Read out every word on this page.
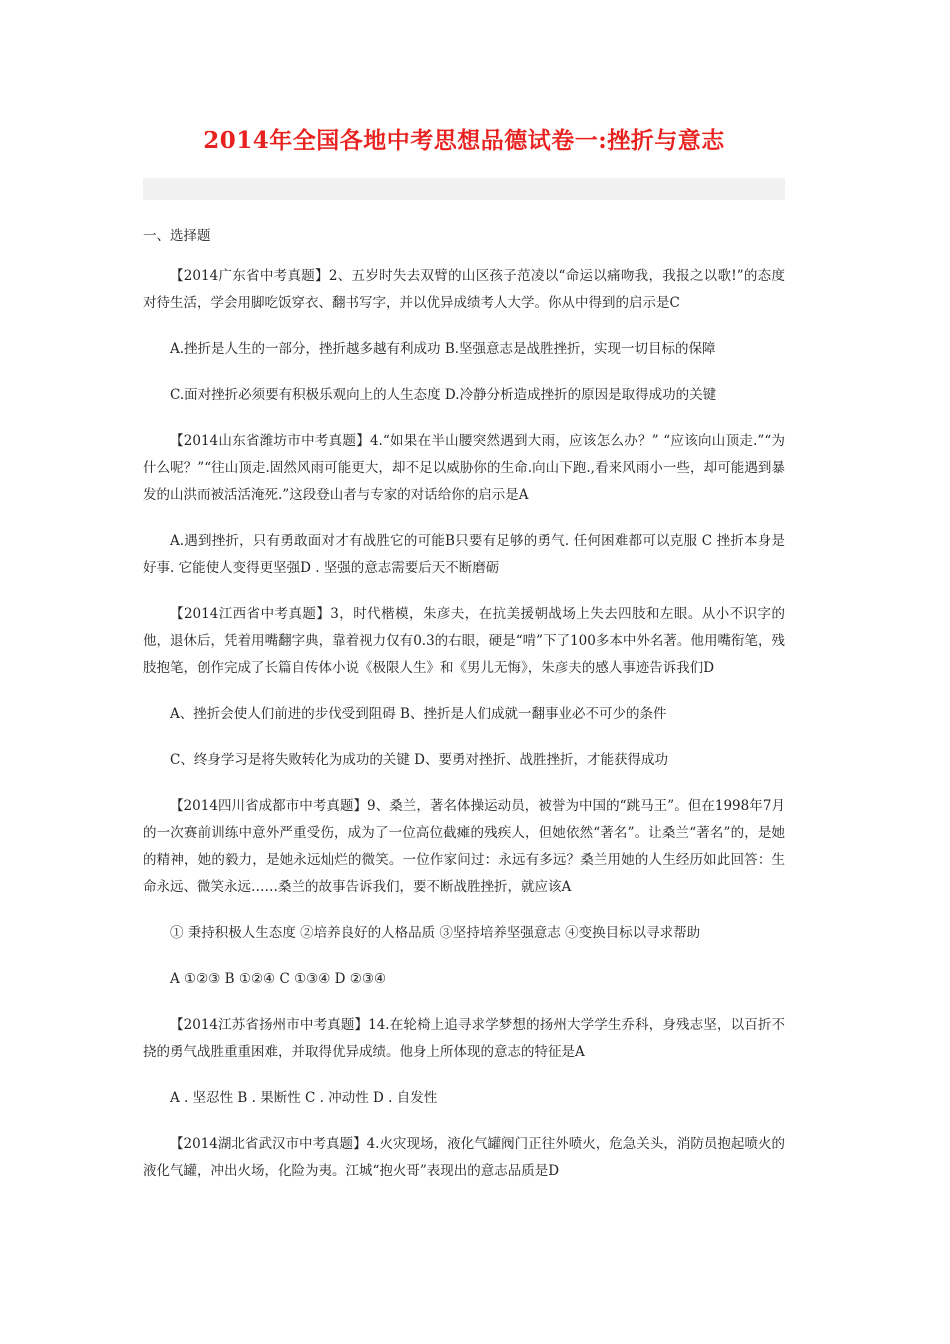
2014年全国各地中考思想品德试卷一:挫折与意志
一、选择题

【2014广东省中考真题】2、五岁时失去双臂的山区孩子范凌以“命运以痛吻我，我报之以歌!”的态度对待生活，学会用脚吃饭穿衣、翻书写字，并以优异成绩考人大学。你从中得到的启示是C

A.挫折是人生的一部分，挫折越多越有利成功 B.坚强意志是战胜挫折，实现一切目标的保障

C.面对挫折必须要有积极乐观向上的人生态度 D.冷静分析造成挫折的原因是取得成功的关键

【2014山东省潍坊市中考真题】4.“如果在半山腰突然遇到大雨，应该怎么办？” “应该向山顶走.”“为什么呢？”“往山顶走.固然风雨可能更大，却不足以威胁你的生命.向山下跑.,看来风雨小一些，却可能遇到暴发的山洪而被活活淹死.”这段登山者与专家的对话给你的启示是A

A.遇到挫折，只有勇敢面对才有战胜它的可能B只要有足够的勇气. 任何困难都可以克服 C 挫折本身是好事. 它能使人变得更坚强D . 坚强的意志需要后天不断磨砺

【2014江西省中考真题】3，时代楷模，朱彦夫，在抗美援朝战场上失去四肢和左眼。从小不识字的他，退休后，凭着用嘴翻字典，靠着视力仅有0.3的右眼，硬是“啃”下了100多本中外名著。他用嘴衔笔，残肢抱笔，创作完成了长篇自传体小说《极限人生》和《男儿无悔》，朱彦夫的感人事迹告诉我们D

A、挫折会使人们前进的步伐受到阻碍 B、挫折是人们成就一翻事业必不可少的条件

C、终身学习是将失败转化为成功的关键 D、要勇对挫折、战胜挫折，才能获得成功

【2014四川省成都市中考真题】9、桑兰，著名体操运动员，被誉为中国的“跳马王”。但在1998年7月的一次赛前训练中意外严重受伤，成为了一位高位截瘫的残疾人，但她依然“著名”。让桑兰“著名”的，是她的精神，她的毅力，是她永远灿烂的微笑。一位作家问过：永远有多远？桑兰用她的人生经历如此回答：生命永远、微笑永远……桑兰的故事告诉我们，要不断战胜挫折，就应该A

① 秉持积极人生态度 ②培养良好的人格品质 ③坚持培养坚强意志 ④变换目标以寻求帮助

A ①②③ B ①②④ C ①③④ D ②③④

【2014江苏省扬州市中考真题】14.在轮椅上追寻求学梦想的扬州大学学生乔科，身残志坚，以百折不挠的勇气战胜重重困难，并取得优异成绩。他身上所体现的意志的特征是A

A . 坚忍性 B . 果断性 C . 冲动性 D . 自发性

【2014湖北省武汉市中考真题】4.火灾现场，液化气罐阀门正往外喷火，危急关头，消防员抱起喷火的液化气罐，冲出火场，化险为夷。江城“抱火哥”表现出的意志品质是D
